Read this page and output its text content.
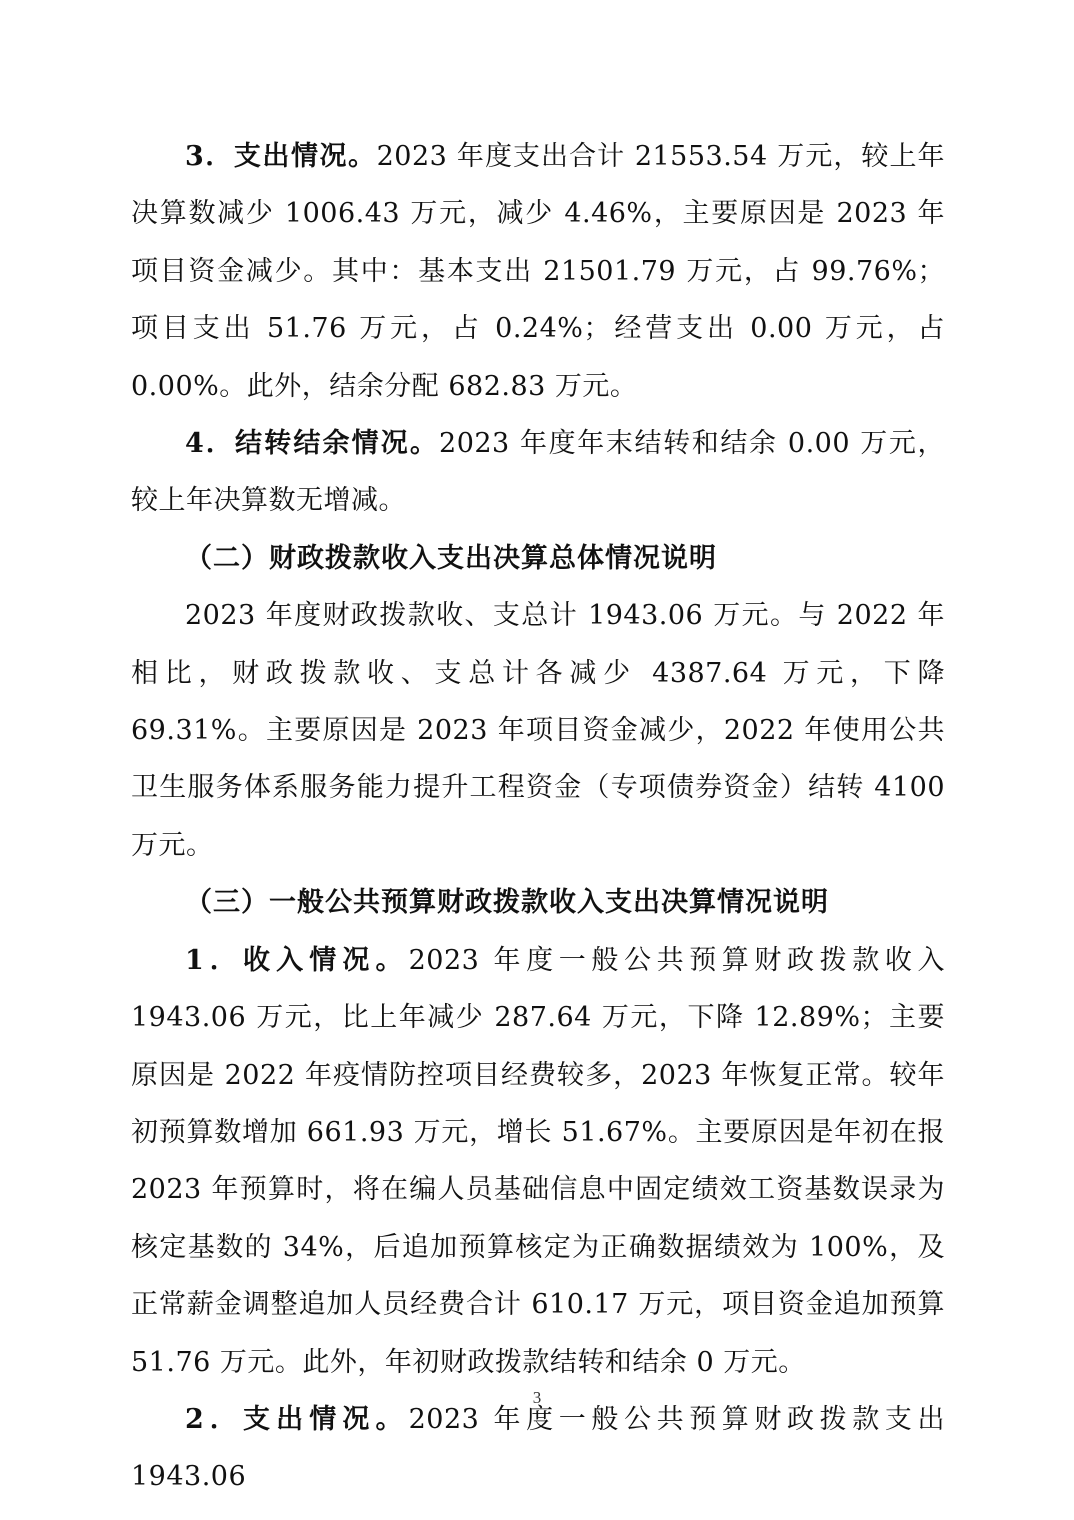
3．支出情况。2023 年度支出合计 21553.54 万元，较上年决算数减少 1006.43 万元，减少 4.46%，主要原因是 2023 年项目资金减少。其中：基本支出 21501.79 万元，占 99.76%；项目支出 51.76 万元，占 0.24%；经营支出 0.00 万元，占 0.00%。此外，结余分配 682.83 万元。

4．结转结余情况。2023 年度年末结转和结余 0.00 万元，较上年决算数无增减。

（二）财政拨款收入支出决算总体情况说明

2023 年度财政拨款收、支总计 1943.06 万元。与 2022 年相比，财政拨款收、支总计各减少 4387.64 万元，下降 69.31%。主要原因是 2023 年项目资金减少，2022 年使用公共卫生服务体系服务能力提升工程资金（专项债券资金）结转 4100 万元。

（三）一般公共预算财政拨款收入支出决算情况说明

1．收入情况。2023 年度一般公共预算财政拨款收入 1943.06 万元，比上年减少 287.64 万元，下降 12.89%；主要原因是 2022 年疫情防控项目经费较多，2023 年恢复正常。较年初预算数增加 661.93 万元，增长 51.67%。主要原因是年初在报 2023 年预算时，将在编人员基础信息中固定绩效工资基数误录为核定基数的 34%，后追加预算核定为正确数据绩效为 100%，及正常薪金调整追加人员经费合计 610.17 万元，项目资金追加预算 51.76 万元。此外，年初财政拨款结转和结余 0 万元。

2．支出情况。2023 年度一般公共预算财政拨款支出 1943.06

3
